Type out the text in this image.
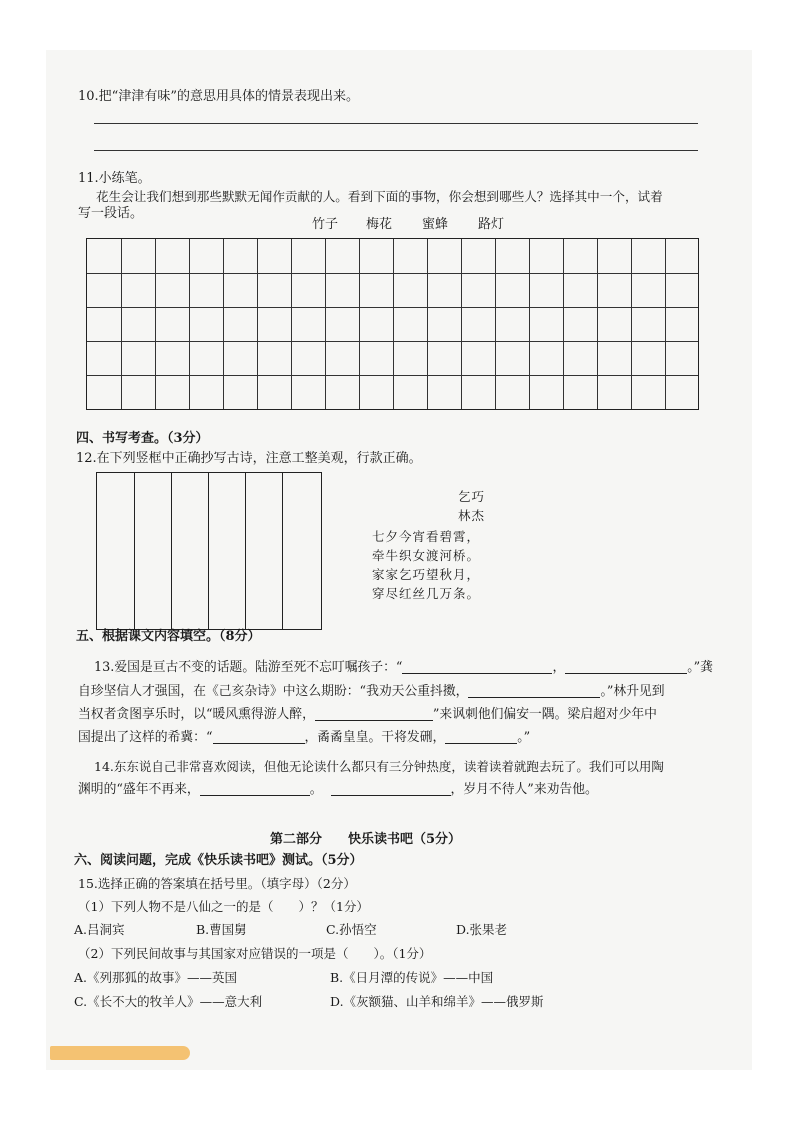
10.把“津津有味”的意思用具体的情景表现出来。
11.小练笔。
花生会让我们想到那些默默无闻作贡献的人。看到下面的事物，你会想到哪些人？选择其中一个，试着
写一段话。
竹子 梅花 蜜蜂 路灯
四、书写考查。（3分）
12.在下列竖框中正确抄写古诗，注意工整美观，行款正确。
乞巧
林杰
七夕今宵看碧霄，
牵牛织女渡河桥。
家家乞巧望秋月，
穿尽红丝几万条。
五、根据课文内容填空。（8分）
13.爱国是亘古不变的话题。陆游至死不忘叮嘱孩子：“	，	。”龚
自珍坚信人才强国，在《己亥杂诗》中这么期盼：“我劝天公重抖擞，	。”林升见到
当权者贪图享乐时，以“暖风熏得游人醉，	”来讽刺他们偏安一隅。梁启超对少年中
国提出了这样的希冀：“	，矞矞皇皇。干将发硎，	。”
14.东东说自己非常喜欢阅读，但他无论读什么都只有三分钟热度，读着读着就跑去玩了。我们可以用陶
渊明的“盛年不再来，	。	，岁月不待人”来劝告他。
第二部分　　快乐读书吧（5分）
六、阅读问题，完成《快乐读书吧》测试。（5分）
15.选择正确的答案填在括号里。（填字母）（2分）
（1）下列人物不是八仙之一的是（　　）？（1分）
A.吕洞宾	B.曹国舅	C.孙悟空	D.张果老
（2）下列民间故事与其国家对应错误的一项是（　　）。（1分）
A.《列那狐的故事》——英国	B.《日月潭的传说》——中国
C.《长不大的牧羊人》——意大利	D.《灰额猫、山羊和绵羊》——俄罗斯
